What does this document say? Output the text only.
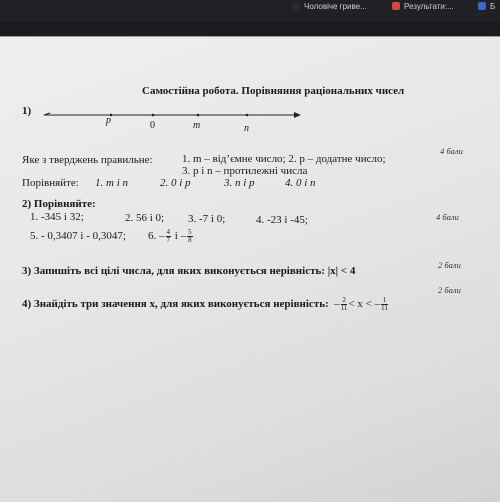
Чоловіче гриве...	Результати:...	Б
Самостійна робота. Порівняння раціональних чисел
1)
p	0	m	n
4 бали
Яке з тверджень правильне:	1. m – від’ємне число; 2. p – додатне число;
3. p і n – протилежні числа
Порівняйте: 1. m і n	2. 0 і p	3. n і p	4. 0 і n
2) Порівняйте:
4 бали
1. -345 і 32;	2. 56 і 0; 3. -7 і 0;	4. -23 і -45;
5. - 0,3407 і - 0,3047; 6. – $\frac{4}{7}$ і – $\frac{5}{8}$
2 бали
3) Запишіть всі цілі числа, для яких виконується нерівність: |x| < 4
2 бали
4) Знайдіть три значення x, для яких виконується нерівність:  – $\frac{2}{11} < x$ < – $\frac{1}{11}$
